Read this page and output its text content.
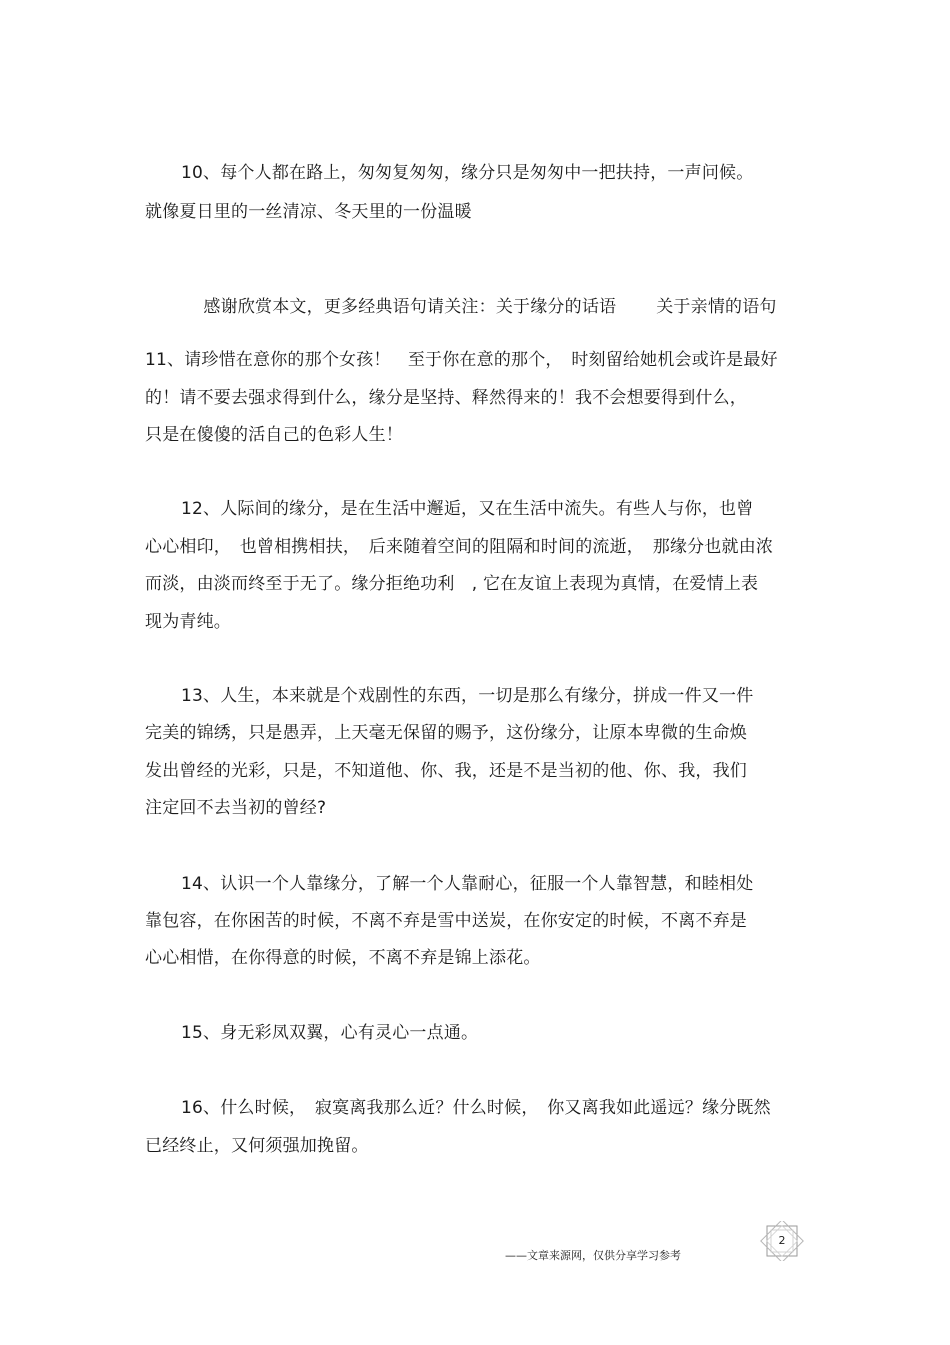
10、每个人都在路上，匆匆复匆匆，缘分只是匆匆中一把扶持，一声问候。
就像夏日里的一丝清凉、冬天里的一份温暖

感谢欣赏本文，更多经典语句请关注：关于缘分的话语 关于亲情的语句

11、请珍惜在意你的那个女孩！　至于你在意的那个，　时刻留给她机会或许是最好
的！请不要去强求得到什么，缘分是坚持、释然得来的！我不会想要得到什么，
只是在傻傻的活自己的色彩人生！
12、人际间的缘分，是在生活中邂逅，又在生活中流失。有些人与你，也曾
心心相印，　也曾相携相扶，　后来随着空间的阻隔和时间的流逝，　那缘分也就由浓
而淡，由淡而终至于无了。缘分拒绝功利　, 它在友谊上表现为真情，在爱情上表
现为青纯。
13、人生，本来就是个戏剧性的东西，一切是那么有缘分，拼成一件又一件
完美的锦绣，只是愚弄，上天毫无保留的赐予，这份缘分，让原本卑微的生命焕
发出曾经的光彩，只是，不知道他、你、我，还是不是当初的他、你、我，我们
注定回不去当初的曾经?
14、认识一个人靠缘分，了解一个人靠耐心，征服一个人靠智慧，和睦相处
靠包容，在你困苦的时候，不离不弃是雪中送炭，在你安定的时候，不离不弃是
心心相惜，在你得意的时候，不离不弃是锦上添花。
15、身无彩凤双翼，心有灵心一点通。
16、什么时候，　寂寞离我那么近？什么时候，　你又离我如此遥远？缘分既然
已经终止，又何须强加挽留。
——文章来源网，仅供分享学习参考
2
